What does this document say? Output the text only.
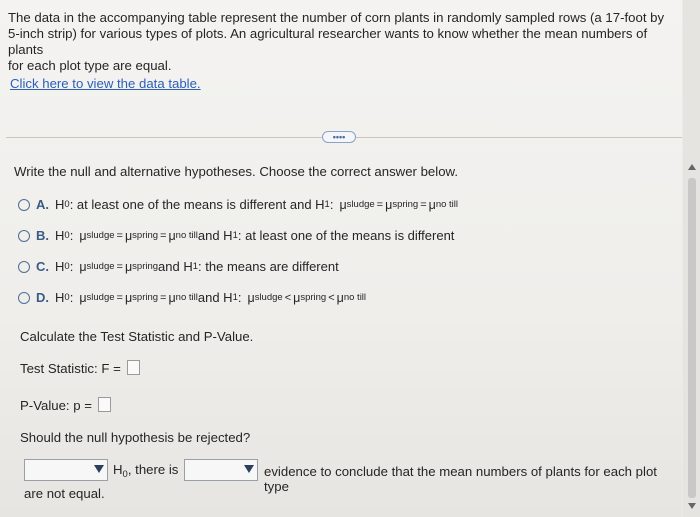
The data in the accompanying table represent the number of corn plants in randomly sampled rows (a 17-foot by
5-inch strip) for various types of plots. An agricultural researcher wants to know whether the mean numbers of plants
for each plot type are equal.
Click here to view the data table.
••••
Write the null and alternative hypotheses. Choose the correct answer below.
A. H 0 : at least one of the means is different and H 1 : μ sludge = μ spring = μ no till
B. H 0 : μ sludge = μ spring = μ no till and H 1 : at least one of the means is different
C. H 0 : μ sludge = μ spring and H 1 : the means are different
D. H 0 : μ sludge = μ spring = μ no till and H 1 : μ sludge < μ spring < μ no till
Calculate the Test Statistic and P-Value.
Test Statistic: F =
P-Value: p =
Should the null hypothesis be rejected?
$H_0$, there is	evidence to conclude that the mean numbers of plants for each plot type
are not equal.
